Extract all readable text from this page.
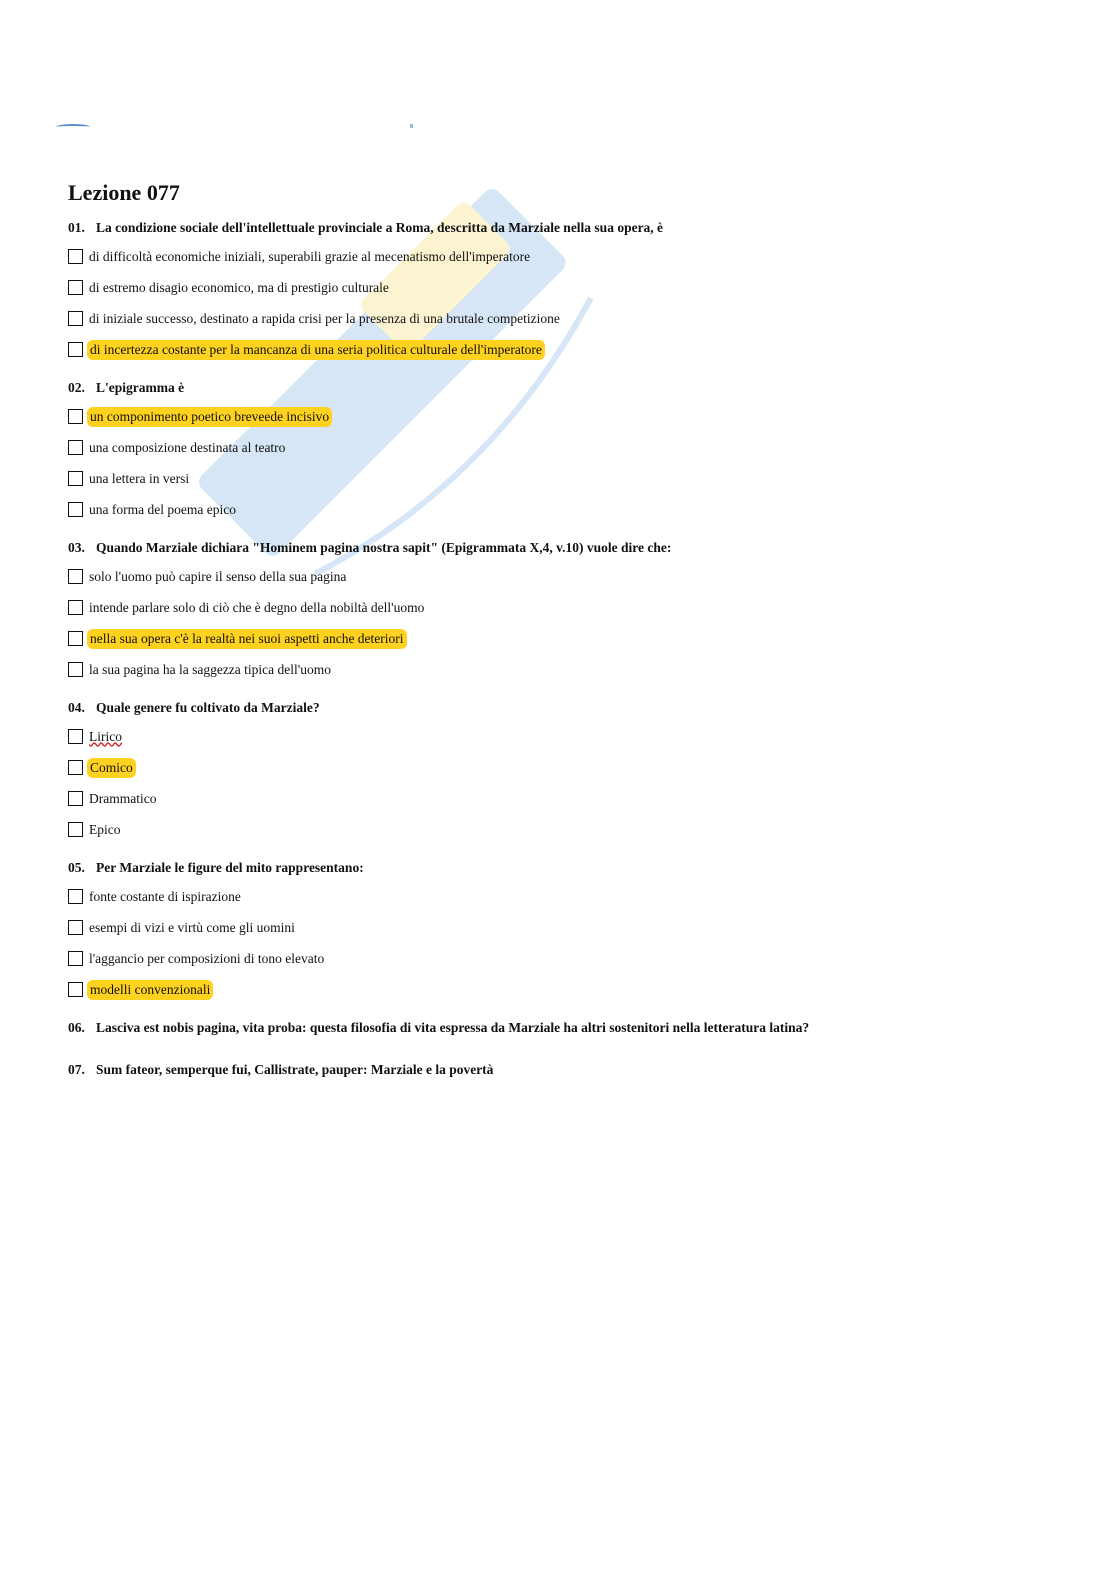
Lezione 077
01. La condizione sociale dell'intellettuale provinciale a Roma, descritta da Marziale nella sua opera, è
di difficoltà economiche iniziali, superabili grazie al mecenatismo dell'imperatore
di estremo disagio economico, ma di prestigio culturale
di iniziale successo, destinato a rapida crisi per la presenza di una brutale competizione
di incertezza costante per la mancanza di una seria politica culturale dell'imperatore
02. L'epigramma è
un componimento poetico breveede incisivo
una composizione destinata al teatro
una lettera in versi
una forma del poema epico
03. Quando Marziale dichiara "Hominem pagina nostra sapit" (Epigrammata X,4, v.10) vuole dire che:
solo l'uomo può capire il senso della sua pagina
intende parlare solo di ciò che è degno della nobiltà dell'uomo
nella sua opera c'è la realtà nei suoi aspetti anche deteriori
la sua pagina ha la saggezza tipica dell'uomo
04. Quale genere fu coltivato da Marziale?
Lirico
Comico
Drammatico
Epico
05. Per Marziale le figure del mito rappresentano:
fonte costante di ispirazione
esempi di vizi e virtù come gli uomini
l'aggancio per composizioni di tono elevato
modelli convenzionali
06. Lasciva est nobis pagina, vita proba: questa filosofia di vita espressa da Marziale ha altri sostenitori nella letteratura latina?
07. Sum fateor, semperque fui, Callistrate, pauper: Marziale e la povertà
